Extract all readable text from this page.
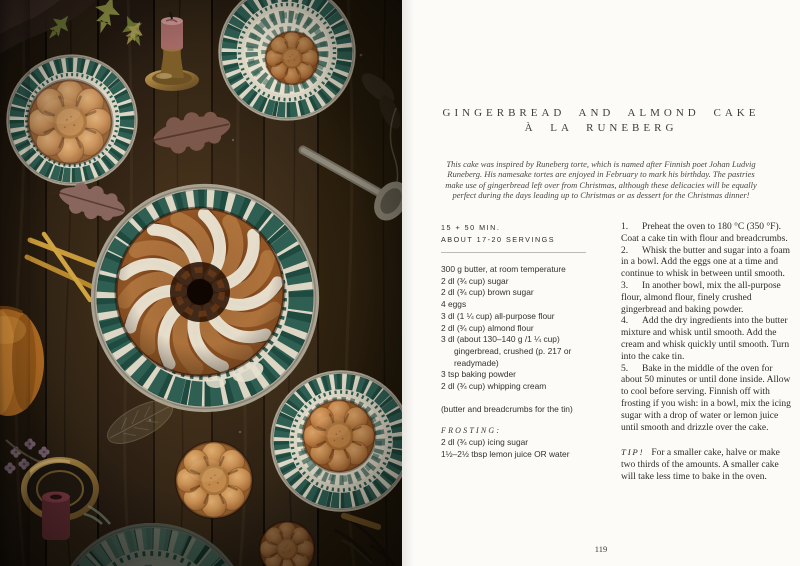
GINGERBREAD AND ALMOND CAKE
À LA RUNEBERG

This cake was inspired by Runeberg torte, which is named after Finnish poet Johan Ludvig Runeberg. His namesake tortes are enjoyed in February to mark his birthday. The pastries make use of gingerbread left over from Christmas, although these delicacies will be equally perfect during the days leading up to Christmas or as dessert for the Christmas dinner!

15 + 50 MIN.
ABOUT 17-20 SERVINGS
300 g butter, at room temperature
2 dl (¾ cup) sugar
2 dl (¾ cup) brown sugar
4 eggs
3 dl (1 ¼ cup) all-purpose flour
2 dl (¾ cup) almond flour
3 dl (about 130–140 g /1 ¼ cup) gingerbread, crushed (p. 217 or readymade)
3 tsp baking powder
2 dl (¾ cup) whipping cream

(butter and breadcrumbs for the tin)

FROSTING:
2 dl (¾ cup) icing sugar
1½–2½ tbsp lemon juice OR water

1. Preheat the oven to 180 °C (350 °F). Coat a cake tin with flour and breadcrumbs.

2. Whisk the butter and sugar into a foam in a bowl. Add the eggs one at a time and continue to whisk in between until smooth.

3. In another bowl, mix the all-purpose flour, almond flour, finely crushed gingerbread and baking powder.

4. Add the dry ingredients into the butter mixture and whisk until smooth. Add the cream and whisk quickly until smooth. Turn into the cake tin.

5. Bake in the middle of the oven for about 50 minutes or until done inside. Allow to cool before serving. Finnish off with frosting if you wish: in a bowl, mix the icing sugar with a drop of water or lemon juice until smooth and drizzle over the cake.

TIP! For a smaller cake, halve or make two thirds of the amounts. A smaller cake will take less time to bake in the oven.

119
